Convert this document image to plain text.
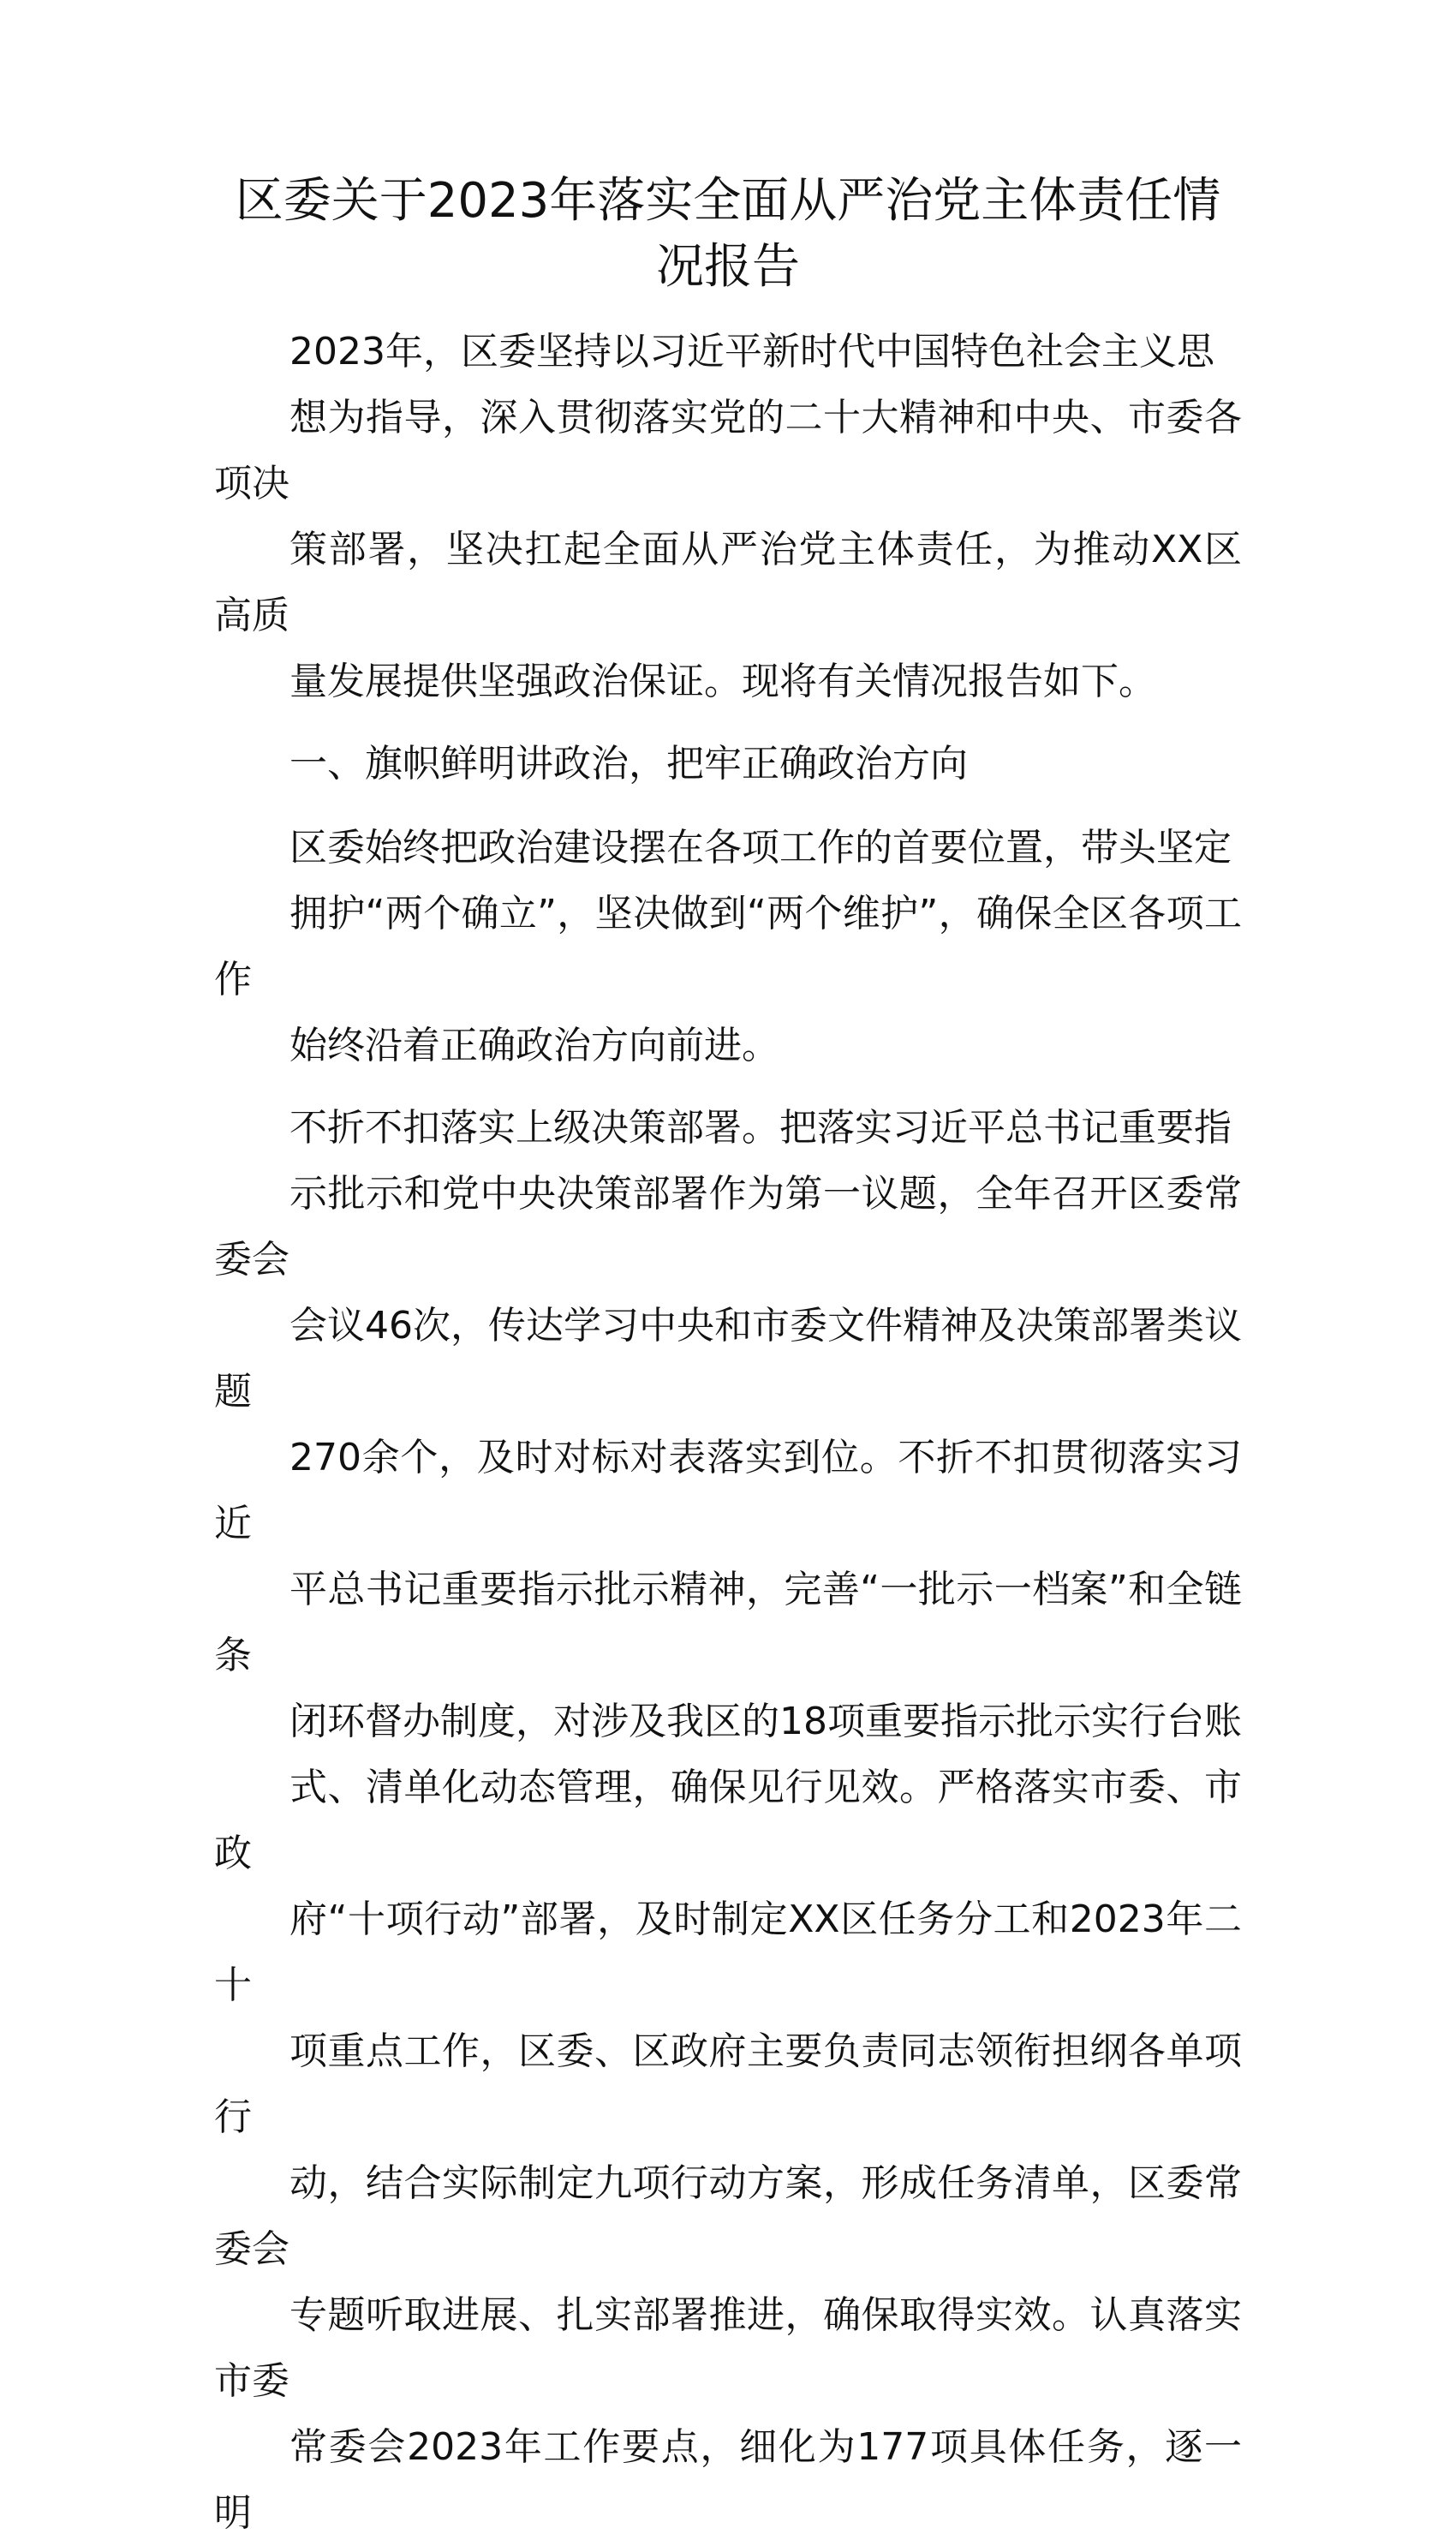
区委关于2023年落实全面从严治党主体责任情
况报告

2023年，区委坚持以习近平新时代中国特色社会主义思
想为指导，深入贯彻落实党的二十大精神和中央、市委各项决
策部署，坚决扛起全面从严治党主体责任，为推动XX区高质
量发展提供坚强政治保证。现将有关情况报告如下。

一、旗帜鲜明讲政治，把牢正确政治方向

区委始终把政治建设摆在各项工作的首要位置，带头坚定
拥护“两个确立”，坚决做到“两个维护”，确保全区各项工作
始终沿着正确政治方向前进。

不折不扣落实上级决策部署。把落实习近平总书记重要指
示批示和党中央决策部署作为第一议题，全年召开区委常委会
会议46次，传达学习中央和市委文件精神及决策部署类议题
270余个，及时对标对表落实到位。不折不扣贯彻落实习近
平总书记重要指示批示精神，完善“一批示一档案”和全链条
闭环督办制度，对涉及我区的18项重要指示批示实行台账
式、清单化动态管理，确保见行见效。严格落实市委、市政
府“十项行动”部署，及时制定XX区任务分工和2023年二十
项重点工作，区委、区政府主要负责同志领衔担纲各单项行
动，结合实际制定九项行动方案，形成任务清单，区委常委会
专题听取进展、扎实部署推进，确保取得实效。认真落实市委
常委会2023年工作要点，细化为177项具体任务，逐一明
